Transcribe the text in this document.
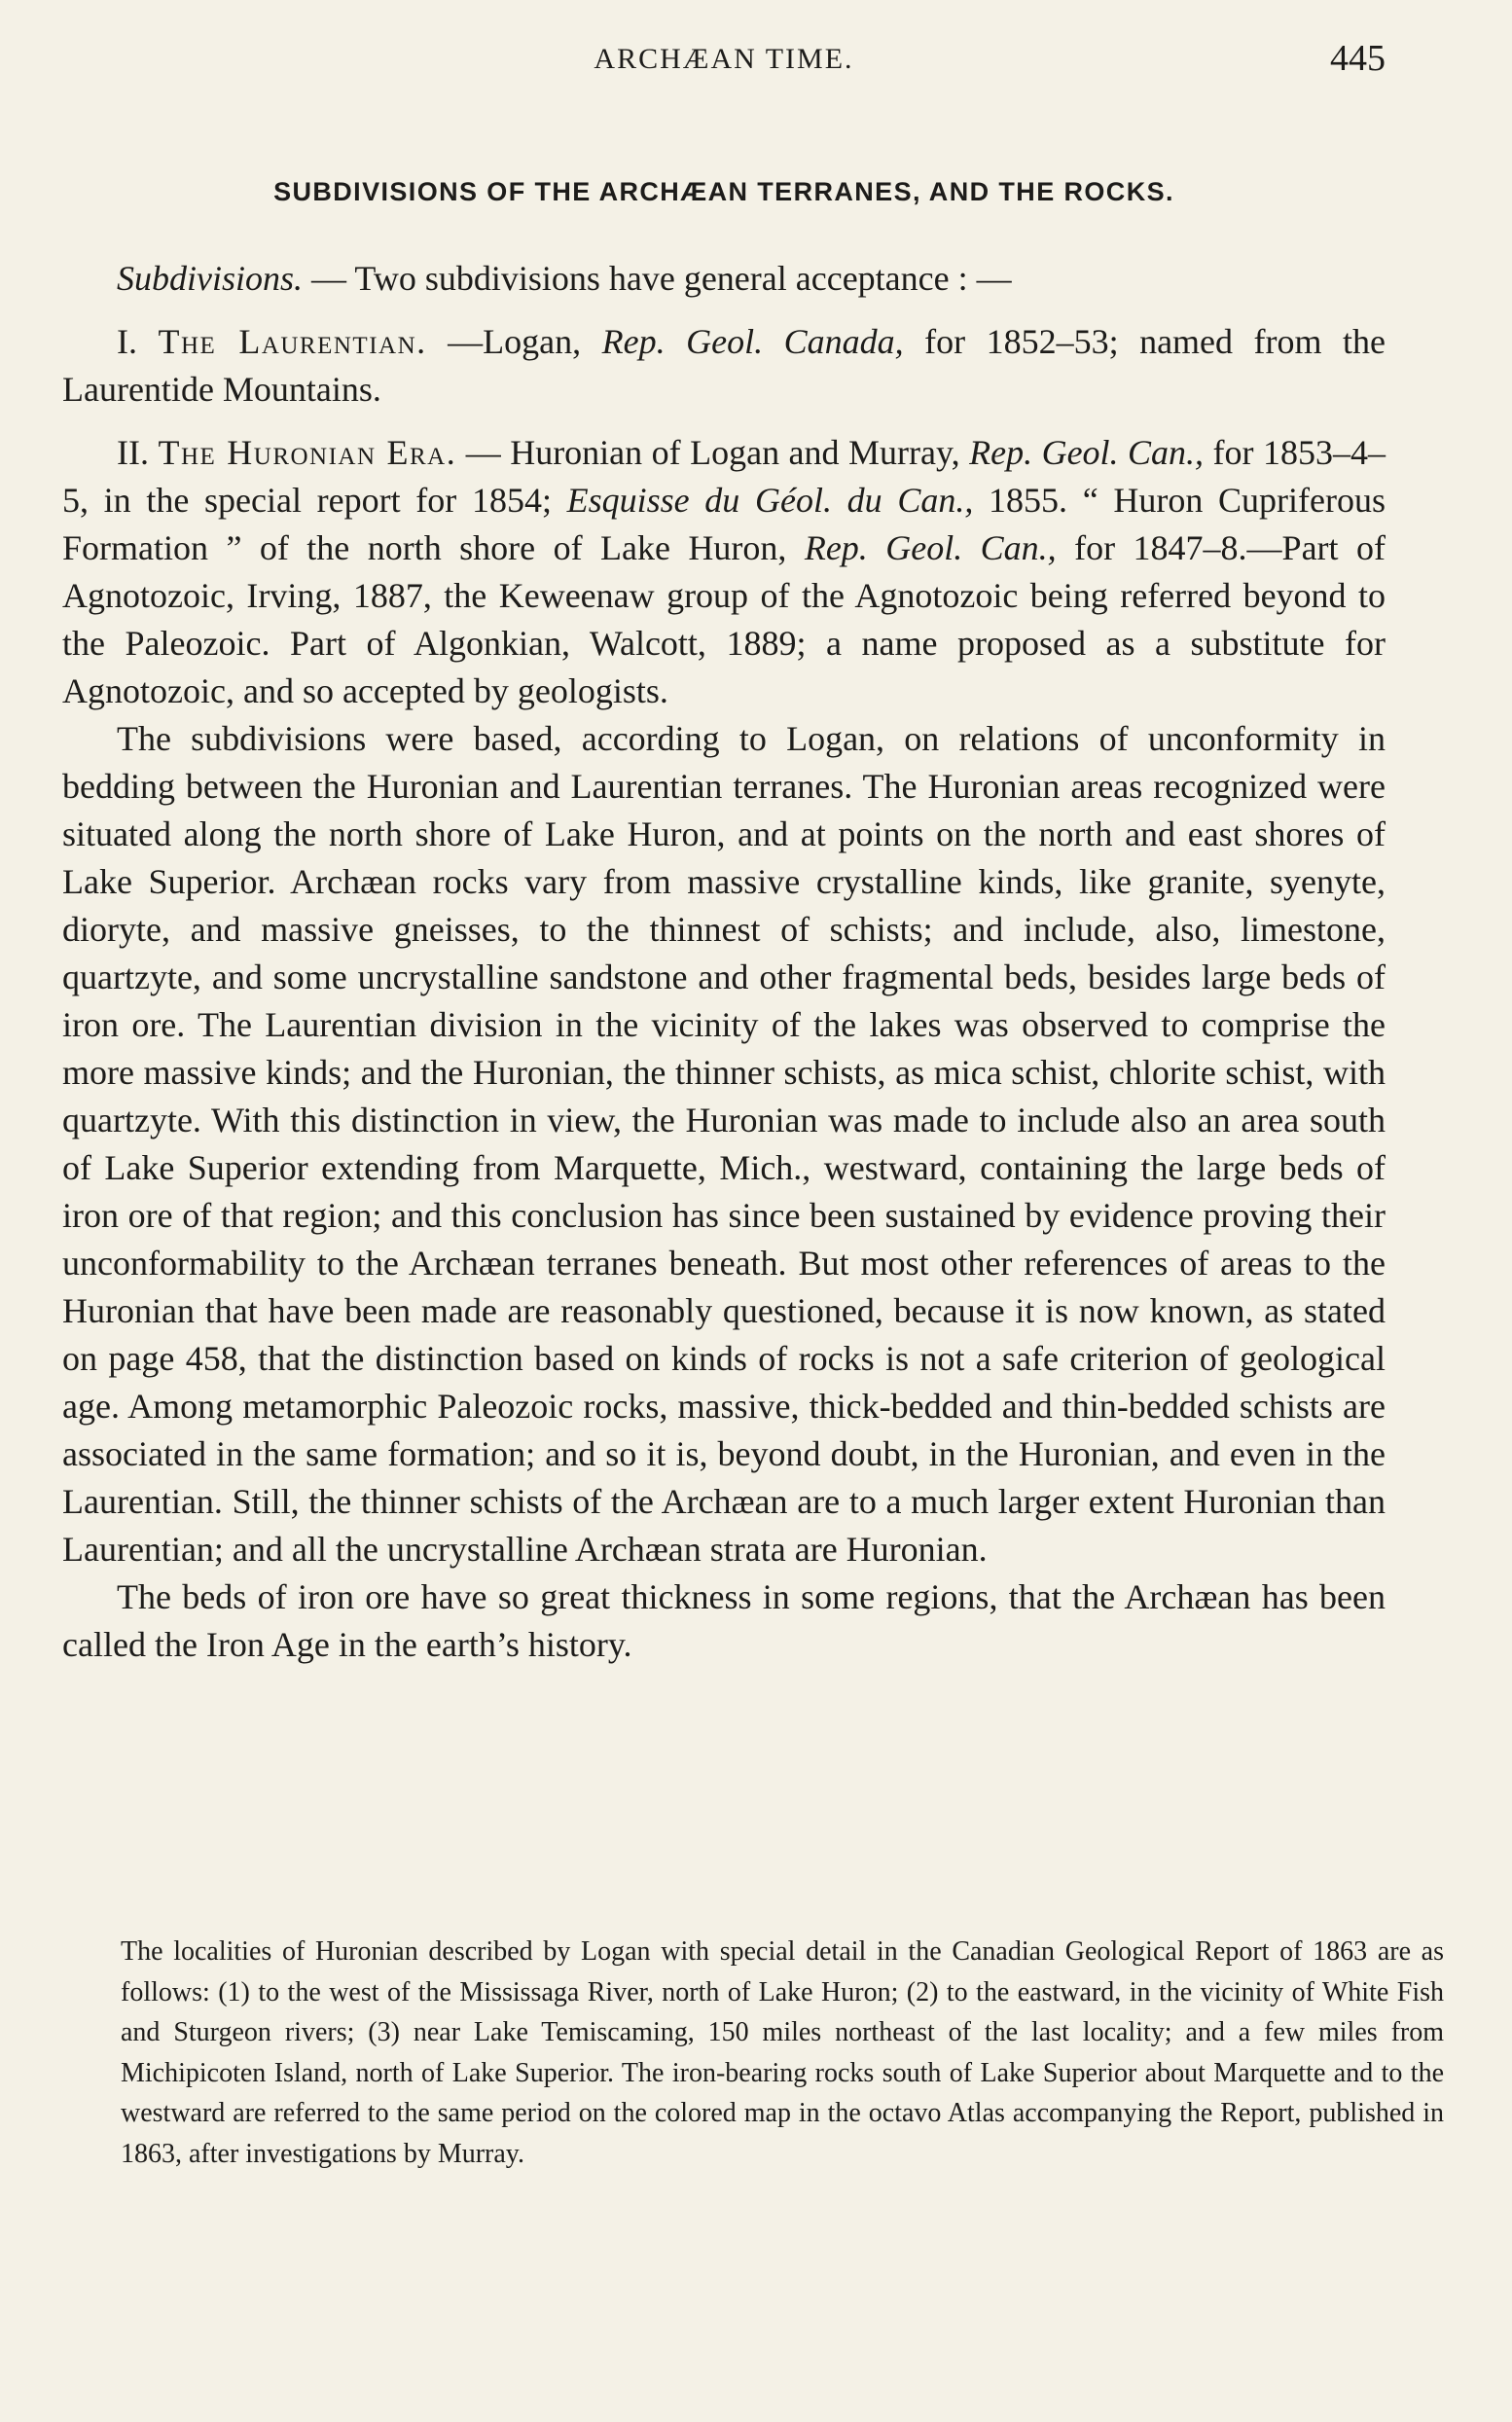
ARCHÆAN TIME.	445
SUBDIVISIONS OF THE ARCHÆAN TERRANES, AND THE ROCKS.

Subdivisions. — Two subdivisions have general acceptance : —

I. The Laurentian. —Logan, Rep. Geol. Canada, for 1852–53; named from the Laurentide Mountains.

II. The Huronian Era. — Huronian of Logan and Murray, Rep. Geol. Can., for 1853–4–5, in the special report for 1854; Esquisse du Géol. du Can., 1855. “ Huron Cupriferous Formation ” of the north shore of Lake Huron, Rep. Geol. Can., for 1847–8.—Part of Agnotozoic, Irving, 1887, the Keweenaw group of the Agnotozoic being referred beyond to the Paleozoic. Part of Algonkian, Walcott, 1889; a name proposed as a substitute for Agnotozoic, and so accepted by geologists.

The subdivisions were based, according to Logan, on relations of unconformity in bedding between the Huronian and Laurentian terranes. The Huronian areas recognized were situated along the north shore of Lake Huron, and at points on the north and east shores of Lake Superior. Archæan rocks vary from massive crystalline kinds, like granite, syenyte, dioryte, and massive gneisses, to the thinnest of schists; and include, also, limestone, quartzyte, and some uncrystalline sandstone and other fragmental beds, besides large beds of iron ore. The Laurentian division in the vicinity of the lakes was observed to comprise the more massive kinds; and the Huronian, the thinner schists, as mica schist, chlorite schist, with quartzyte. With this distinction in view, the Huronian was made to include also an area south of Lake Superior extending from Marquette, Mich., westward, containing the large beds of iron ore of that region; and this conclusion has since been sustained by evidence proving their unconformability to the Archæan terranes beneath. But most other references of areas to the Huronian that have been made are reasonably questioned, because it is now known, as stated on page 458, that the distinction based on kinds of rocks is not a safe criterion of geological age. Among metamorphic Paleozoic rocks, massive, thick-bedded and thin-bedded schists are associated in the same formation; and so it is, beyond doubt, in the Huronian, and even in the Laurentian. Still, the thinner schists of the Archæan are to a much larger extent Huronian than Laurentian; and all the uncrystalline Archæan strata are Huronian.

The beds of iron ore have so great thickness in some regions, that the Archæan has been called the Iron Age in the earth’s history.

The localities of Huronian described by Logan with special detail in the Canadian Geological Report of 1863 are as follows: (1) to the west of the Mississaga River, north of Lake Huron; (2) to the eastward, in the vicinity of White Fish and Sturgeon rivers; (3) near Lake Temiscaming, 150 miles northeast of the last locality; and a few miles from Michipicoten Island, north of Lake Superior. The iron-bearing rocks south of Lake Superior about Marquette and to the westward are referred to the same period on the colored map in the octavo Atlas accompanying the Report, published in 1863, after investigations by Murray.
